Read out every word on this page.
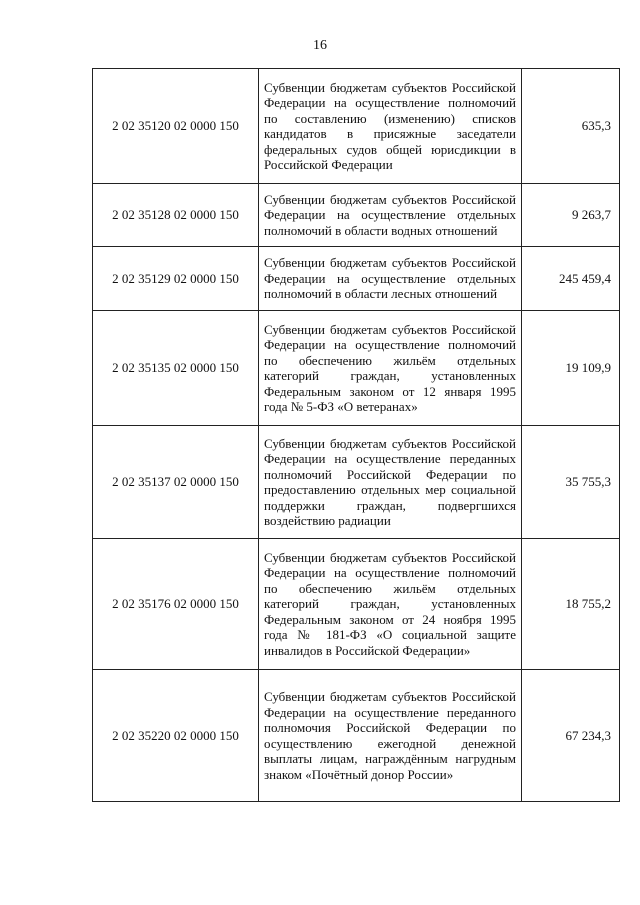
16
2 02 35120 02 0000 150	Субвенции бюджетам субъектов Российской Федерации на осуществление полномочий по составлению (изменению) списков кандидатов в присяжные заседатели федеральных судов общей юрисдикции в Российской Федерации	635,3
2 02 35128 02 0000 150	Субвенции бюджетам субъектов Российской Федерации на осуществление отдельных полномочий в области водных отношений	9 263,7
2 02 35129 02 0000 150	Субвенции бюджетам субъектов Российской Федерации на осуществление отдельных полномочий в области лесных отношений	245 459,4
2 02 35135 02 0000 150	Субвенции бюджетам субъектов Российской Федерации на осуществление полномочий по обеспечению жильём отдельных категорий граждан, установленных Федеральным законом от 12 января 1995 года № 5-ФЗ «О ветеранах»	19 109,9
2 02 35137 02 0000 150	Субвенции бюджетам субъектов Российской Федерации на осуществление переданных полномочий Российской Федерации по предоставлению отдельных мер социальной поддержки граждан, подвергшихся воздействию радиации	35 755,3
2 02 35176 02 0000 150	Субвенции бюджетам субъектов Российской Федерации на осуществление полномочий по обеспечению жильём отдельных категорий граждан, установленных Федеральным законом от 24 ноября 1995 года № 181-ФЗ «О социальной защите инвалидов в Российской Федерации»	18 755,2
2 02 35220 02 0000 150	Субвенции бюджетам субъектов Российской Федерации на осуществление переданного полномочия Российской Федерации по осуществлению ежегодной денежной выплаты лицам, награждённым нагрудным знаком «Почётный донор России»	67 234,3
